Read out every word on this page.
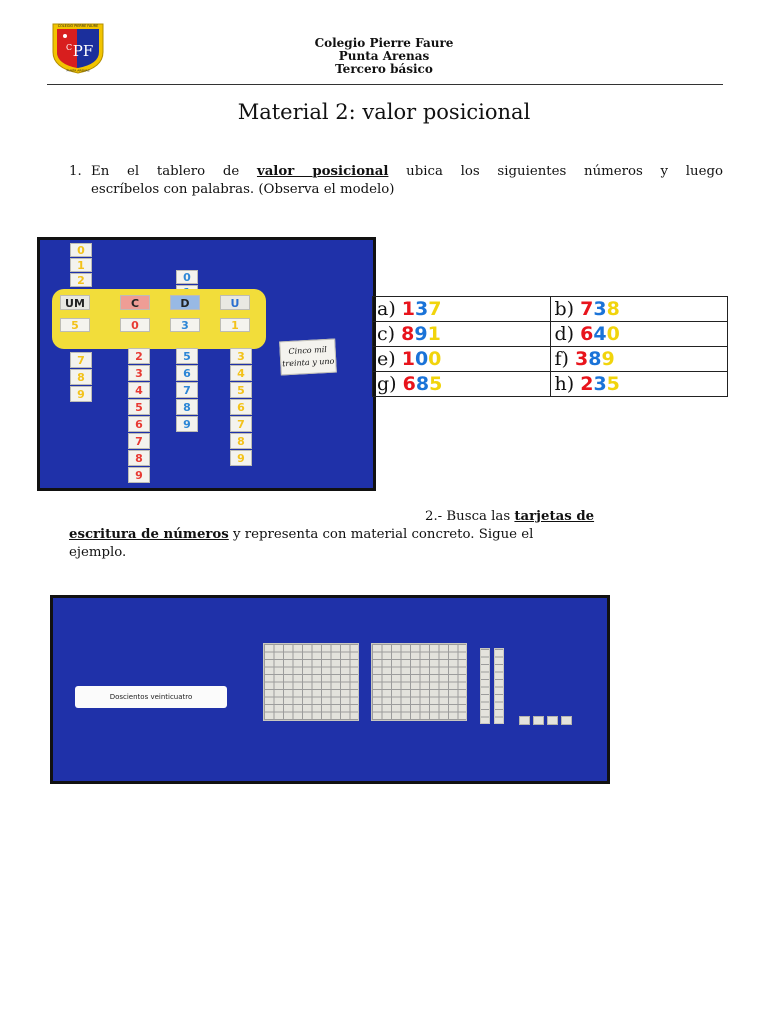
COLEGIO PIERRE FAURE
C PF
PUNTA ARENAS
Colegio Pierre Faure
Punta Arenas
Tercero básico
Material 2: valor posicional
1. En el tablero de valor posicional ubica los siguientes números y luego
escríbelos con palabras. (Observa el modelo)
0
1
2	0
UM	C	D	U
5	0	3	1
7
8
9
2
3
4
5
6
7
8
9
5
6
7
8
9
3
4
5
6
7
8
9
Cinco mil
treinta y uno
a) 137	b) 738
c) 891	d) 640
e) 100	f) 389
g) 685	h) 235
2.- Busca las tarjetas de
escritura de números y representa con material concreto. Sigue el
ejemplo.
Doscientos veinticuatro
